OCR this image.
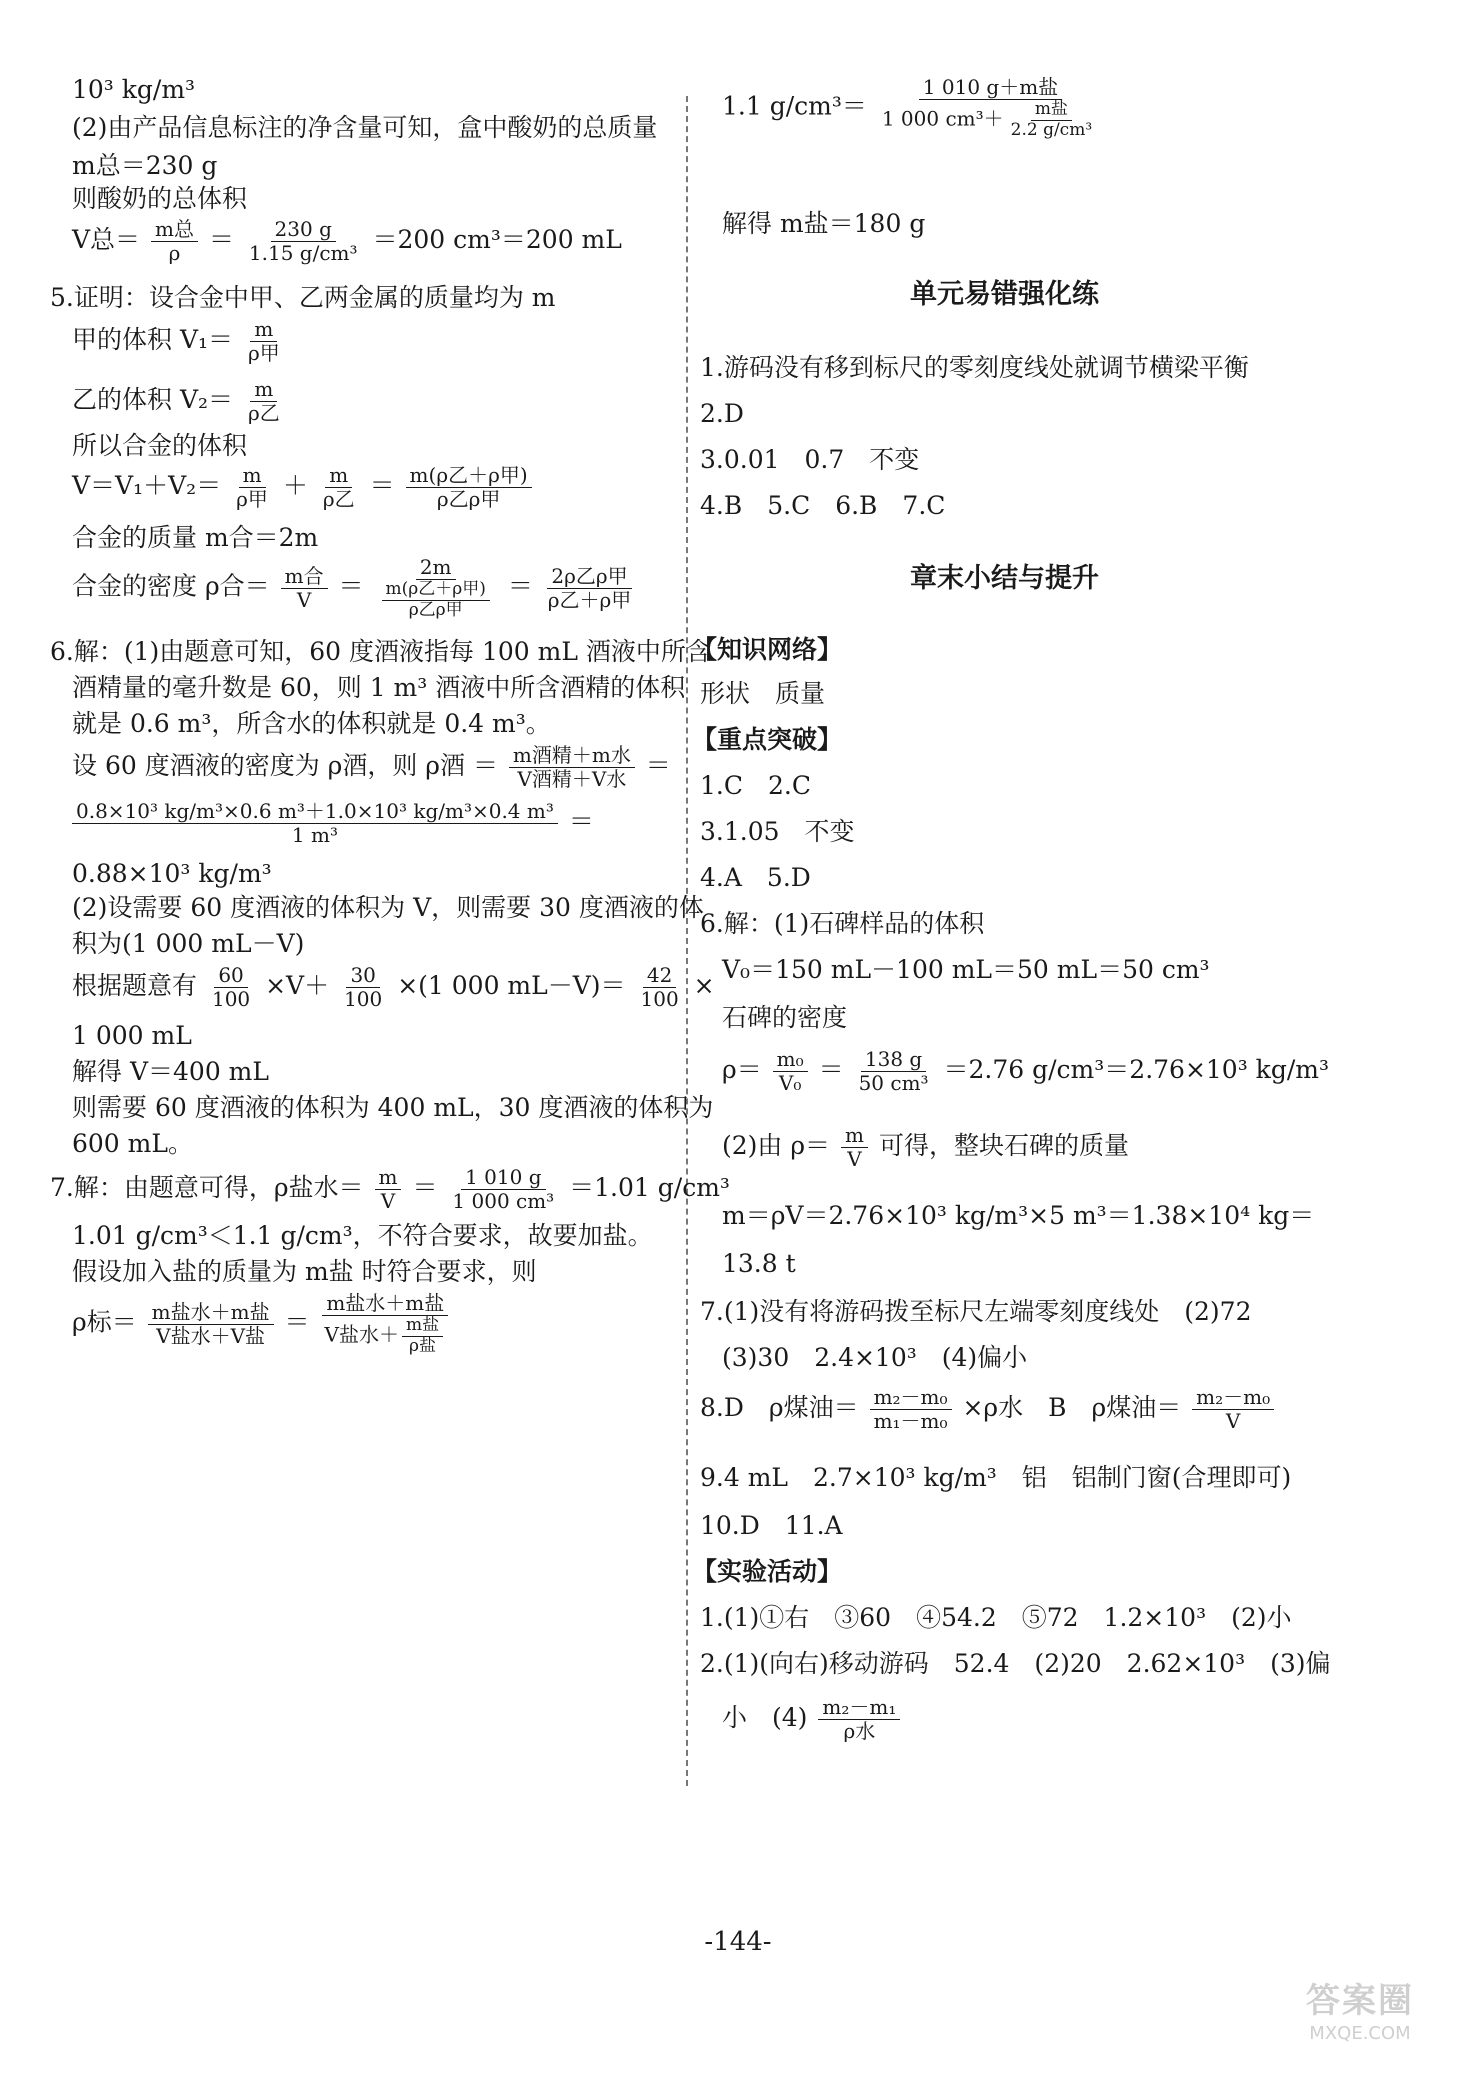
10³ kg/m³
(2)由产品信息标注的净含量可知，盒中酸奶的总质量
m总＝230 g
则酸奶的总体积
V总＝ $\frac{\text{m总}}{\rho} = \frac{230 g}{\text{1.15 g/cm³}} =200$ cm³＝200 mL
5.证明：设合金中甲、乙两金属的质量均为 m
甲的体积 $V_1= \frac{m}{\text{ρ甲}}$
乙的体积 $V_2= \frac{m}{\text{ρ乙}}$
所以合金的体积
$V=V_1+V_2= \frac{m}{\text{ρ甲}} + \frac{m}{\text{ρ乙}} = \frac{\text{m(ρ乙＋ρ甲)}}{\text{ρ乙ρ甲}}$
合金的质量 m合＝2m
合金的密度 ρ合＝ $\frac{\text{m合}}{V} = \frac{2m}{\frac{\text{m(ρ乙＋ρ甲)}}{\text{ρ乙ρ甲}}} = \frac{\text{2ρ乙ρ甲}}{\text{ρ乙＋ρ甲}}$
6.解：(1)由题意可知，60 度酒液指每 100 mL 酒液中所含
酒精量的毫升数是 60，则 1 m³ 酒液中所含酒精的体积
就是 0.6 m³，所含水的体积就是 0.4 m³。
设 60 度酒液的密度为 ρ酒，则 ρ酒 ＝ $\frac{\text{m酒精＋m水}}{\text{V酒精＋V水}}$ ＝
$\frac{\text{0.8×10³ kg/m³×0.6 m³＋1.0×10³ kg/m³×0.4 m³}}{\text{1 m³}}$ ＝
0.88×10³ kg/m³
(2)设需要 60 度酒液的体积为 V，则需要 30 度酒液的体
积为(1 000 mL－V)
根据题意有 $\frac{60}{100} \times V+ \frac{30}{100} \times(1$ 000 $mL-V)= \frac{42}{100}$ ×
1 000 mL
解得 V＝400 mL
则需要 60 度酒液的体积为 400 mL，30 度酒液的体积为
600 mL。
7.解：由题意可得，ρ盐水＝ $\frac{m}{V} = \frac{1 010 g}{\text{1 000 cm³}} =1.01$ g/cm³
1.01 g/cm³＜1.1 g/cm³，不符合要求，故要加盐。
假设加入盐的质量为 m盐 时符合要求，则
ρ标＝ $\frac{\text{m盐水＋m盐}}{\text{V盐水＋V盐}} = \frac{\text{m盐水＋m盐}}{V盐水+ \frac{\text{m盐}}{\text{ρ盐}}}$
1.1 $g/cm^3= \frac{\text{1 010 g＋m盐}}{1 000 cm^3+ \frac{\text{m盐}}{\text{2.2 g/cm³}}}$
解得 m盐＝180 g
单元易错强化练
1.游码没有移到标尺的零刻度线处就调节横梁平衡
2.D
3.0.01　0.7　不变
4.B　5.C　6.B　7.C
章末小结与提升
【知识网络】
形状　质量
【重点突破】
1.C　2.C
3.1.05　不变
4.A　5.D
6.解：(1)石碑样品的体积
V₀＝150 mL－100 mL＝50 mL＝50 cm³
石碑的密度
$\rho= \frac{\text{m₀}}{\text{V₀}} = \frac{138 g}{\text{50 cm³}} =2.76$ g/cm³＝2.76×10³ kg/m³
(2)由 $\rho= \frac{m}{V}$ 可得，整块石碑的质量
m＝ρV＝2.76×10³ kg/m³×5 m³＝1.38×10⁴ kg＝
13.8 t
7.(1)没有将游码拨至标尺左端零刻度线处　(2)72
(3)30　2.4×10³　(4)偏小
8.D　ρ煤油＝ $\frac{\text{m₂－m₀}}{\text{m₁－m₀}} \times\rho$水　B　ρ煤油＝ $\frac{\text{m₂－m₀}}{V}$
9.4 mL　2.7×10³ kg/m³　铝　铝制门窗(合理即可)
10.D　11.A
【实验活动】
1.(1)①右　③60　④54.2　⑤72　1.2×10³　(2)小
2.(1)(向右)移动游码　52.4　(2)20　2.62×10³　(3)偏
小　$(4) \frac{\text{m₂－m₁}}{\text{ρ水}}$
-144-
答案圈
MXQE.COM
